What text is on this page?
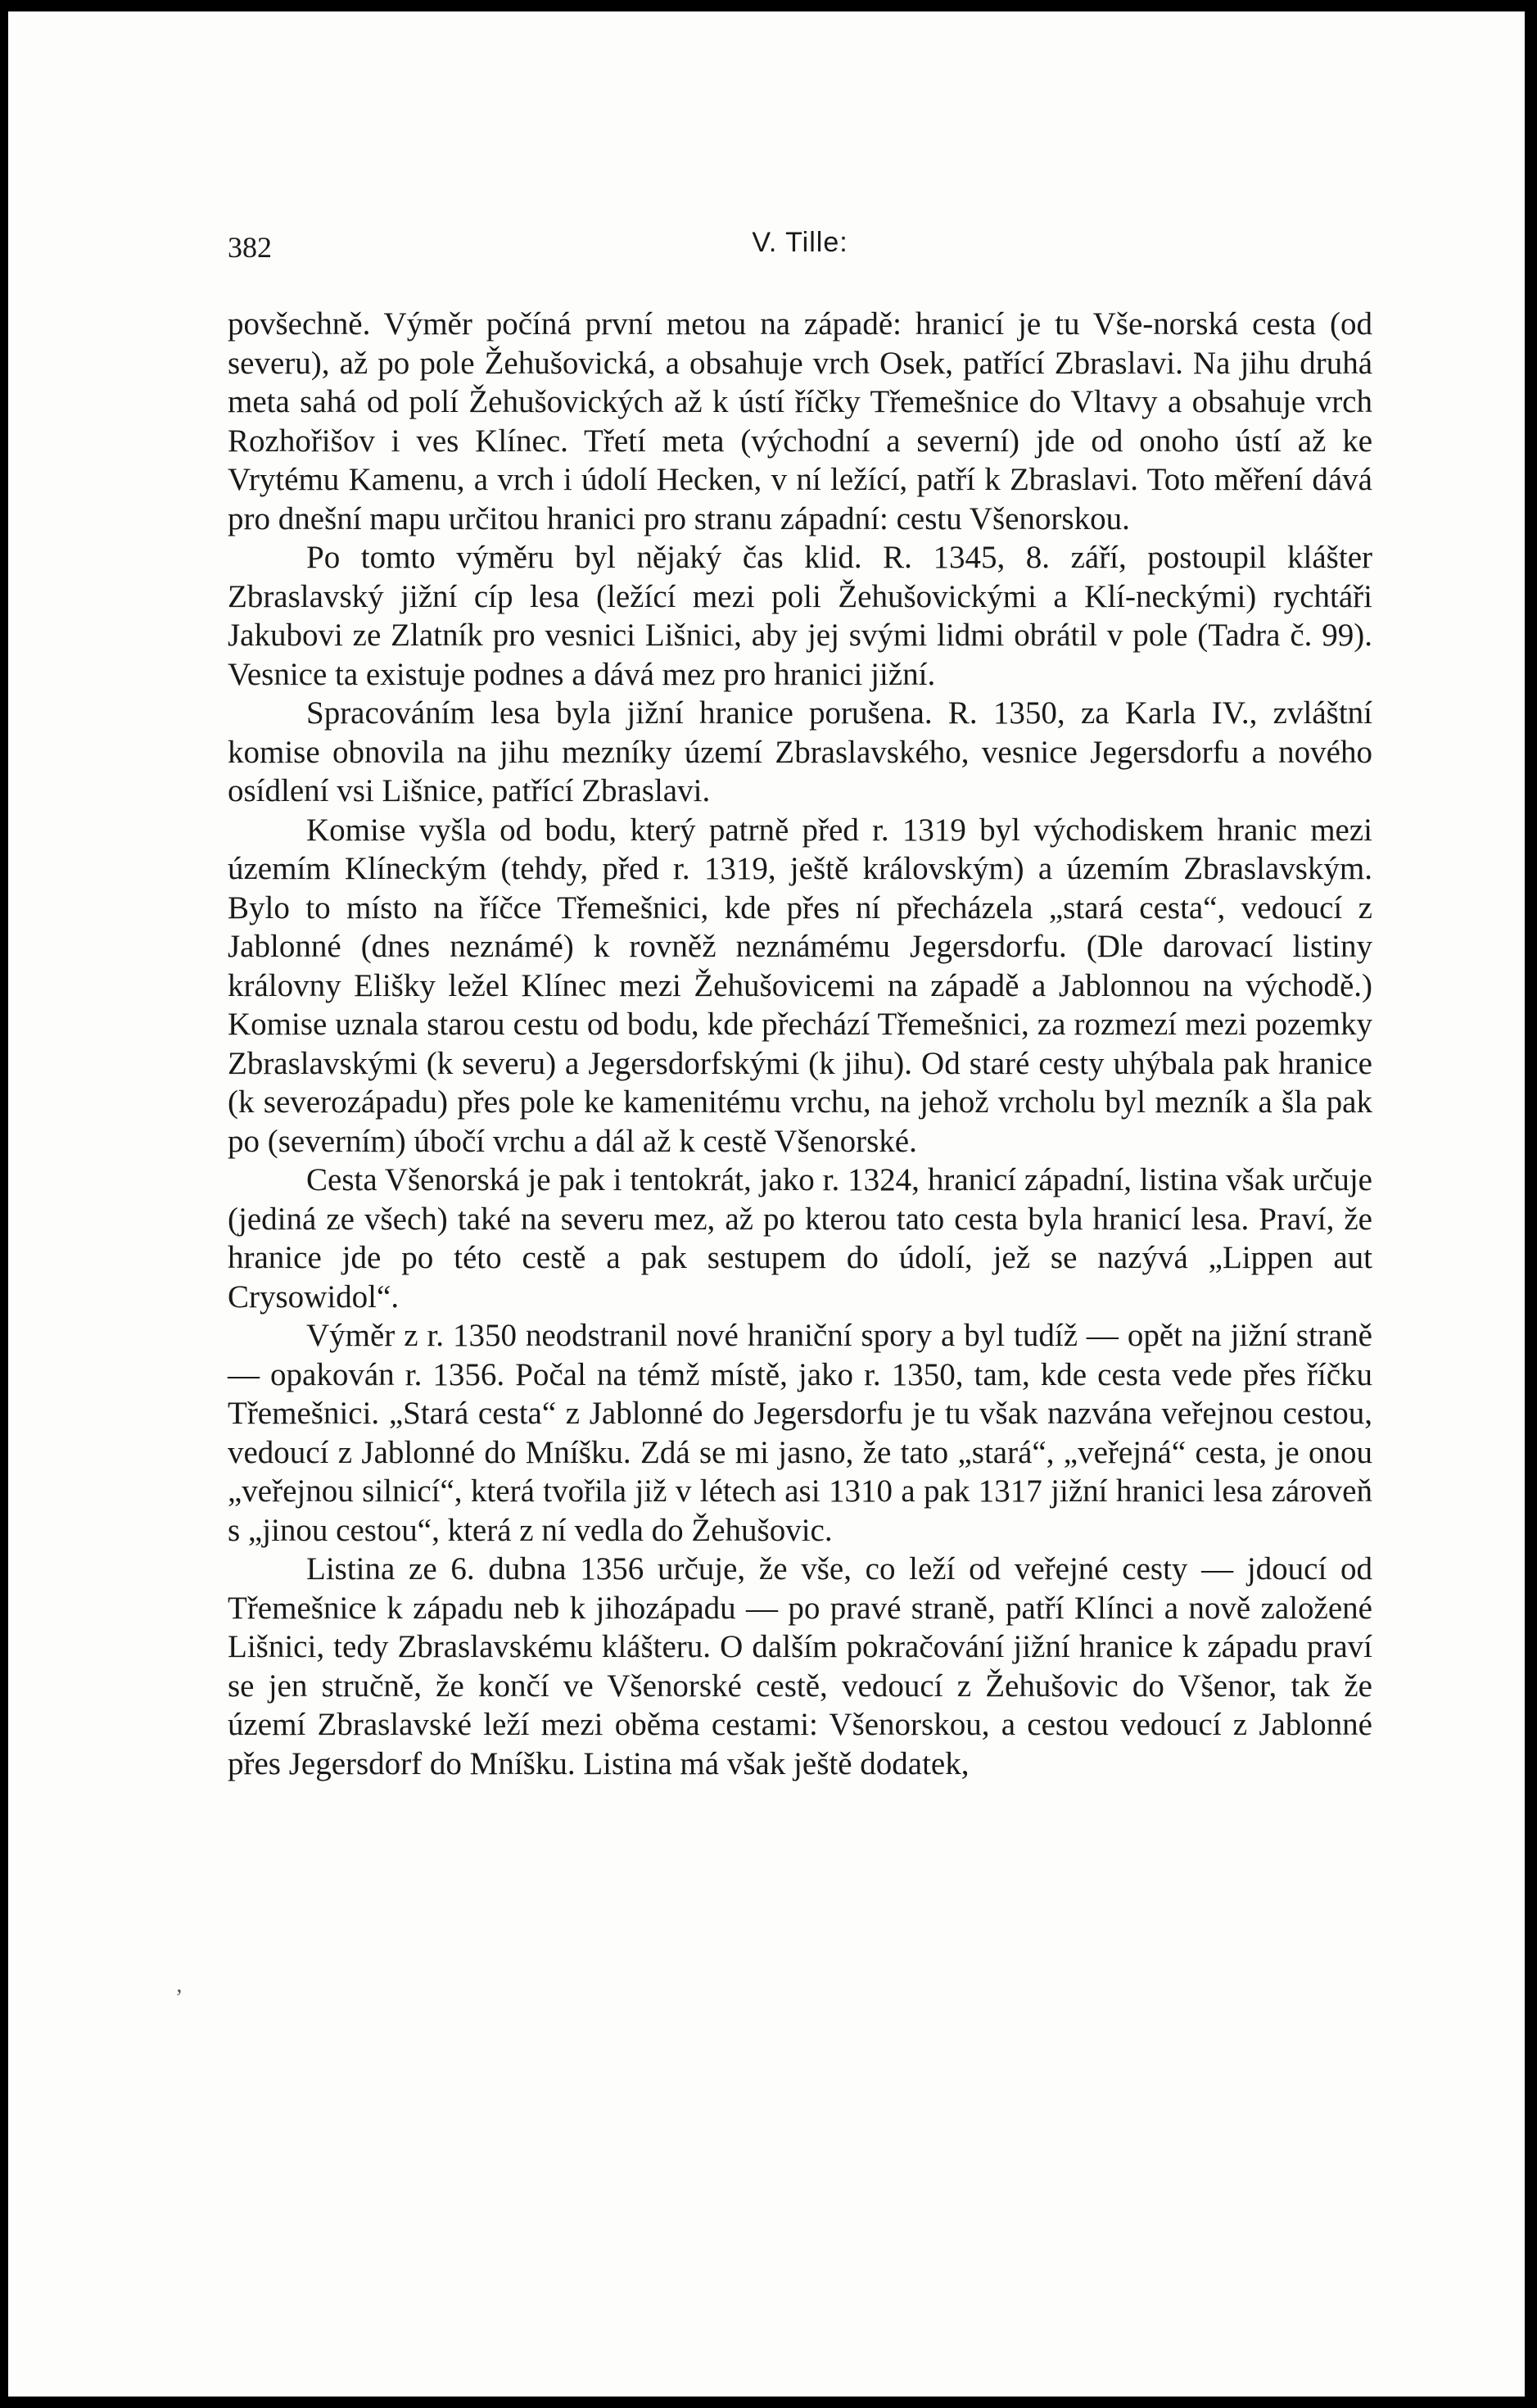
382	V. Tille:

povšechně. Výměr počíná první metou na západě: hranicí je tu Vše-norská cesta (od severu), až po pole Žehušovická, a obsahuje vrch Osek, patřící Zbraslavi. Na jihu druhá meta sahá od polí Žehušovických až k ústí říčky Třemešnice do Vltavy a obsahuje vrch Rozhořišov i ves Klínec. Třetí meta (východní a severní) jde od onoho ústí až ke Vrytému Kamenu, a vrch i údolí Hecken, v ní ležící, patří k Zbraslavi. Toto měření dává pro dnešní mapu určitou hranici pro stranu západní: cestu Všenorskou.

Po tomto výměru byl nějaký čas klid. R. 1345, 8. září, postoupil klášter Zbraslavský jižní cíp lesa (ležící mezi poli Žehušovickými a Klí-neckými) rychtáři Jakubovi ze Zlatník pro vesnici Lišnici, aby jej svými lidmi obrátil v pole (Tadra č. 99). Vesnice ta existuje podnes a dává mez pro hranici jižní.

Spracováním lesa byla jižní hranice porušena. R. 1350, za Karla IV., zvláštní komise obnovila na jihu mezníky území Zbraslavského, vesnice Jegersdorfu a nového osídlení vsi Lišnice, patřící Zbraslavi.

Komise vyšla od bodu, který patrně před r. 1319 byl východiskem hranic mezi územím Klíneckým (tehdy, před r. 1319, ještě královským) a územím Zbraslavským. Bylo to místo na říčce Třemešnici, kde přes ní přecházela „stará cesta“, vedoucí z Jablonné (dnes neznámé) k rovněž neznámému Jegersdorfu. (Dle darovací listiny královny Elišky ležel Klínec mezi Žehušovicemi na západě a Jablonnou na východě.) Komise uznala starou cestu od bodu, kde přechází Třemešnici, za rozmezí mezi pozemky Zbraslavskými (k severu) a Jegersdorfskými (k jihu). Od staré cesty uhýbala pak hranice (k severozápadu) přes pole ke kamenitému vrchu, na jehož vrcholu byl mezník a šla pak po (severním) úbočí vrchu a dál až k cestě Všenorské.

Cesta Všenorská je pak i tentokrát, jako r. 1324, hranicí západní, listina však určuje (jediná ze všech) také na severu mez, až po kterou tato cesta byla hranicí lesa. Praví, že hranice jde po této cestě a pak sestupem do údolí, jež se nazývá „Lippen aut Crysowidol“.

Výměr z r. 1350 neodstranil nové hraniční spory a byl tudíž — opět na jižní straně — opakován r. 1356. Počal na témž místě, jako r. 1350, tam, kde cesta vede přes říčku Třemešnici. „Stará cesta“ z Jablonné do Jegersdorfu je tu však nazvána veřejnou cestou, vedoucí z Jablonné do Mníšku. Zdá se mi jasno, že tato „stará“, „veřejná“ cesta, je onou „veřejnou silnicí“, která tvořila již v létech asi 1310 a pak 1317 jižní hranici lesa zároveň s „jinou cestou“, která z ní vedla do Žehušovic.

Listina ze 6. dubna 1356 určuje, že vše, co leží od veřejné cesty — jdoucí od Třemešnice k západu neb k jihozápadu — po pravé straně, patří Klínci a nově založené Lišnici, tedy Zbraslavskému klášteru. O dalším pokračování jižní hranice k západu praví se jen stručně, že končí ve Všenorské cestě, vedoucí z Žehušovic do Všenor, tak že území Zbraslavské leží mezi oběma cestami: Všenorskou, a cestou vedoucí z Jablonné přes Jegersdorf do Mníšku. Listina má však ještě dodatek,

ʼ
